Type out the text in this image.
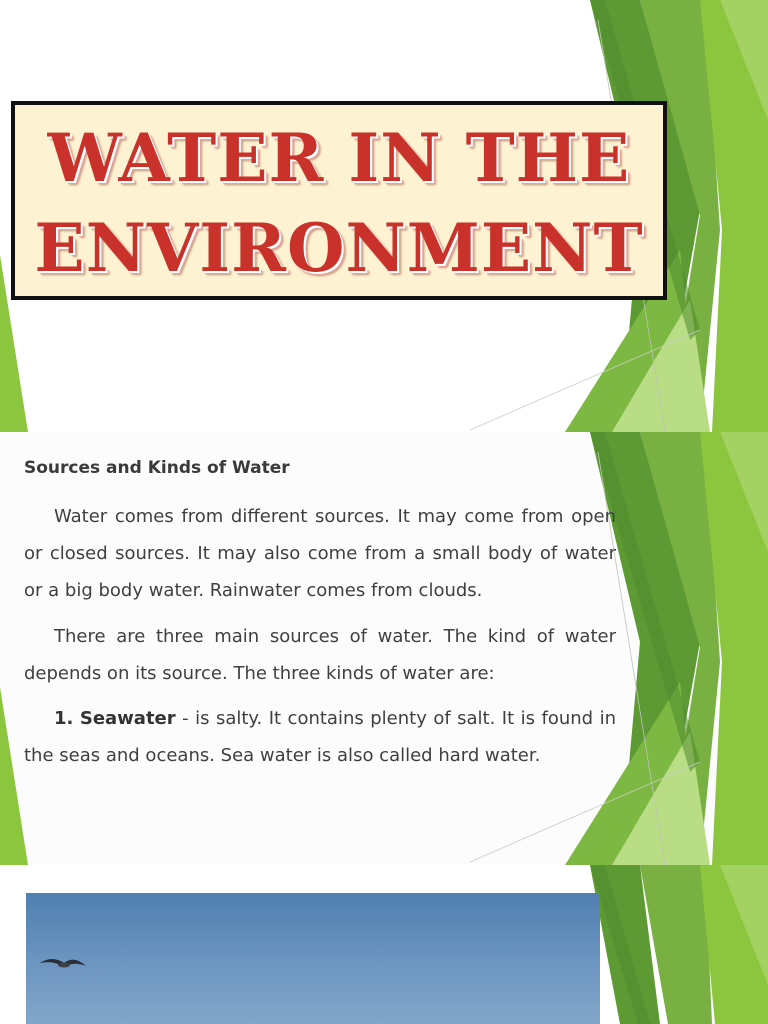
WATER IN THE
ENVIRONMENT
Sources and Kinds of Water

Water comes from different sources. It may come from open or closed sources. It may also come from a small body of water or a big body water. Rainwater comes from clouds.

There are three main sources of water. The kind of water depends on its source. The three kinds of water are:

1. Seawater - is salty. It contains plenty of salt. It is found in the seas and oceans. Sea water is also called hard water.
